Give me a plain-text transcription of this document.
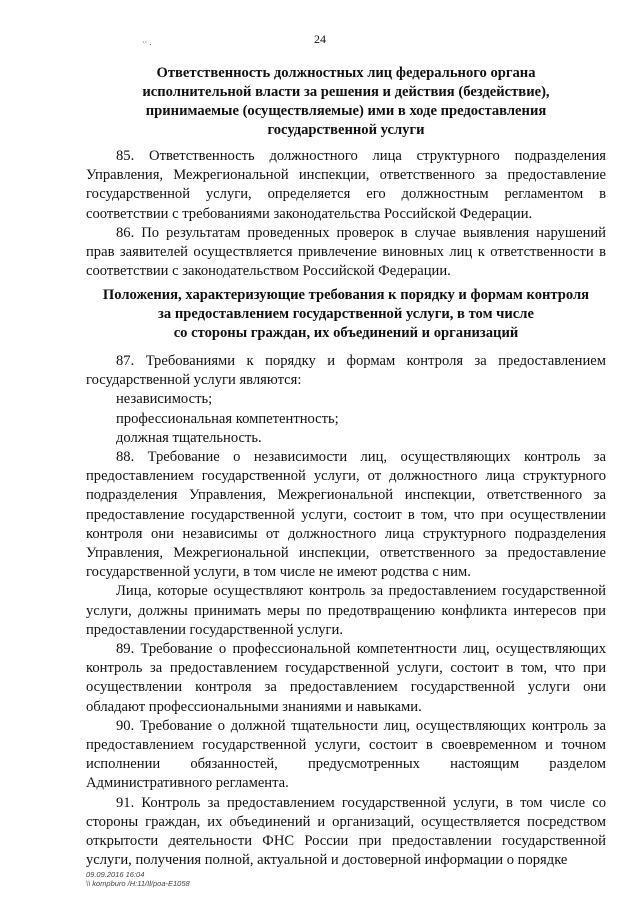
24
·· .
Ответственность должностных лиц федерального органа
исполнительной власти за решения и действия (бездействие),
принимаемые (осуществляемые) ими в ходе предоставления
государственной услуги

85. Ответственность должностного лица структурного подразделения Управления, Межрегиональной инспекции, ответственного за предоставление государственной услуги, определяется его должностным регламентом в соответствии с требованиями законодательства Российской Федерации.

86. По результатам проведенных проверок в случае выявления нарушений прав заявителей осуществляется привлечение виновных лиц к ответственности в соответствии с законодательством Российской Федерации.

Положения, характеризующие требования к порядку и формам контроля
за предоставлением государственной услуги, в том числе
со стороны граждан, их объединений и организаций

87. Требованиями к порядку и формам контроля за предоставлением государственной услуги являются:

независимость;

профессиональная компетентность;

должная тщательность.

88. Требование о независимости лиц, осуществляющих контроль за предоставлением государственной услуги, от должностного лица структурного подразделения Управления, Межрегиональной инспекции, ответственного за предоставление государственной услуги, состоит в том, что при осуществлении контроля они независимы от должностного лица структурного подразделения Управления, Межрегиональной инспекции, ответственного за предоставление государственной услуги, в том числе не имеют родства с ним.

Лица, которые осуществляют контроль за предоставлением государственной услуги, должны принимать меры по предотвращению конфликта интересов при предоставлении государственной услуги.

89. Требование о профессиональной компетентности лиц, осуществляющих контроль за предоставлением государственной услуги, состоит в том, что при осуществлении контроля за предоставлением государственной услуги они обладают профессиональными знаниями и навыками.

90. Требование о должной тщательности лиц, осуществляющих контроль за предоставлением государственной услуги, состоит в своевременном и точном исполнении обязанностей, предусмотренных настоящим разделом Административного регламента.

91. Контроль за предоставлением государственной услуги, в том числе со стороны граждан, их объединений и организаций, осуществляется посредством открытости деятельности ФНС России при предоставлении государственной услуги, получения полной, актуальной и достоверной информации о порядке

09.09.2016 16:04
\\ kompburo /H:11/Il/poa-E1058
